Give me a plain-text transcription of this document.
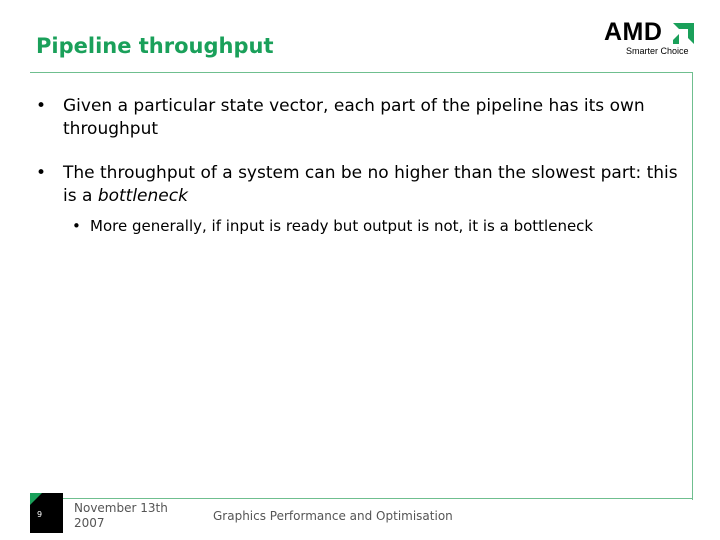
Pipeline throughput	AMD
Smarter Choice
• Given a particular state vector, each part of the pipeline has its own throughput
• The throughput of a system can be no higher than the slowest part: this is a bottleneck
• More generally, if input is ready but output is not, it is a bottleneck
9	November 13th 2007	Graphics Performance and Optimisation
